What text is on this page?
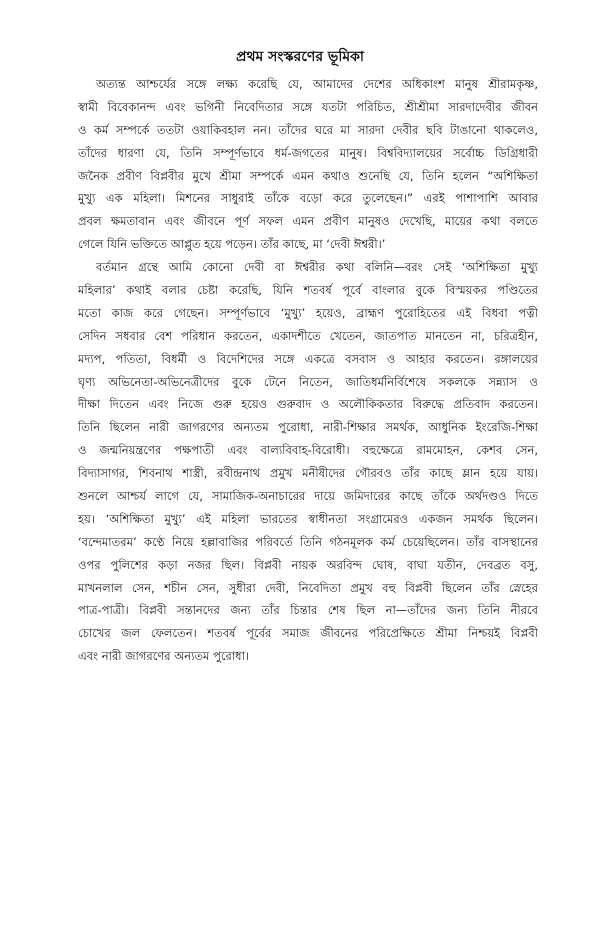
প্রথম সংস্করণের ভূমিকা
অত্যন্ত আশ্চর্যের সঙ্গে লক্ষ্য করেছি যে, আমাদের দেশের অধিকাংশ মানুষ শ্রীরামকৃষ্ণ,
স্বামী বিবেকানন্দ এবং ভগিনী নিবেদিতার সঙ্গে যতটা পরিচিত, শ্রীশ্রীমা সারদাদেবীর জীবন
ও কর্ম সম্পর্কে ততটা ওয়াকিবহাল নন। তাঁদের ঘরে মা সারদা দেবীর ছবি টাঙানো থাকলেও,
তাঁদের ধারণা যে, তিনি সম্পূর্ণভাবে ধর্ম-জগতের মানুষ। বিশ্ববিদ্যালয়ের সর্বোচ্চ ডিগ্রিধারী
জনৈক প্রবীণ বিপ্লবীর মুখে শ্রীমা সম্পর্কে এমন কথাও শুনেছি যে, তিনি হলেন “অশিক্ষিতা
মুখ্যু এক মহিলা। মিশনের সাধুরাই তাঁকে বড়ো করে তুলেছেন।” এরই পাশাপাশি আবার
প্রবল ক্ষমতাবান এবং জীবনে পূর্ণ সফল এমন প্রবীণ মানুষও দেখেছি, মায়ের কথা বলতে
গেলে যিনি ভক্তিতে আপ্লুত হয়ে পড়েন। তাঁর কাছে, মা ‘দেবী ঈশ্বরী।’
বর্তমান গ্রন্থে আমি কোনো দেবী বা ঈশ্বরীর কথা বলিনি—বরং সেই ‘অশিক্ষিতা মুখ্যু
মহিলার’ কথাই বলার চেষ্টা করেছি, যিনি শতবর্ষ পূর্বে বাংলার বুকে বিস্ময়কর পণ্ডিতের
মতো কাজ করে গেছেন। সম্পূর্ণভাবে ‘মুখ্যু’ হয়েও, ব্রাহ্মণ পুরোহিতের এই বিধবা পত্নী
সেদিন সধবার বেশ পরিধান করতেন, একাদশীতে খেতেন, জাতপাত মানতেন না, চরিত্রহীন,
মদ্যপ, পতিতা, বিধর্মী ও বিদেশিদের সঙ্গে একত্রে বসবাস ও আহার করতেন। রঙ্গালয়ের
ঘৃণ্য অভিনেতা-অভিনেত্রীদের বুকে টেনে নিতেন, জাতিধর্মনির্বিশেষে সকলকে সন্ন্যাস ও
দীক্ষা দিতেন এবং নিজে গুরু হয়েও গুরুবাদ ও অলৌকিকতার বিরুদ্ধে প্রতিবাদ করতেন।
তিনি ছিলেন নারী জাগরণের অন্যতম পুরোধা, নারী-শিক্ষার সমর্থক, আধুনিক ইংরেজি-শিক্ষা
ও জন্মনিয়ন্ত্রণের পক্ষপাতী এবং বাল্যবিবাহ-বিরোধী। বহুক্ষেত্রে রামমোহন, কেশব সেন,
বিদ্যাসাগর, শিবনাথ শাস্ত্রী, রবীন্দ্রনাথ প্রমুখ মনীষীদের গৌরবও তাঁর কাছে ম্লান হয়ে যায়।
শুনলে আশ্চর্য লাগে যে, সামাজিক-অনাচারের দায়ে জমিদারের কাছে তাঁকে অর্থদণ্ডও দিতে
হয়। ‘অশিক্ষিতা মুখ্যু’ এই মহিলা ভারতের স্বাধীনতা সংগ্রামেরও একজন সমর্থক ছিলেন।
‘বন্দেমাতরম’ কণ্ঠে নিয়ে হল্লাবাজির পরিবর্তে তিনি গঠনমূলক কর্ম চেয়েছিলেন। তাঁর বাসস্থানের
ওপর পুলিশের কড়া নজর ছিল। বিপ্লবী নায়ক অরবিন্দ ঘোষ, বাঘা যতীন, দেবব্রত বসু,
মাখনলাল সেন, শচীন সেন, সুধীরা দেবী, নিবেদিতা প্রমুখ বহু বিপ্লবী ছিলেন তাঁর স্নেহের
পাত্র-পাত্রী। বিপ্লবী সন্তানদের জন্য তাঁর চিন্তার শেষ ছিল না—তাঁদের জন্য তিনি নীরবে
চোখের জল ফেলতেন। শতবর্ষ পূর্বের সমাজ জীবনের পরিপ্রেক্ষিতে শ্রীমা নিশ্চয়ই বিপ্লবী
এবং নারী জাগরণের অন্যতম পুরোধা।
